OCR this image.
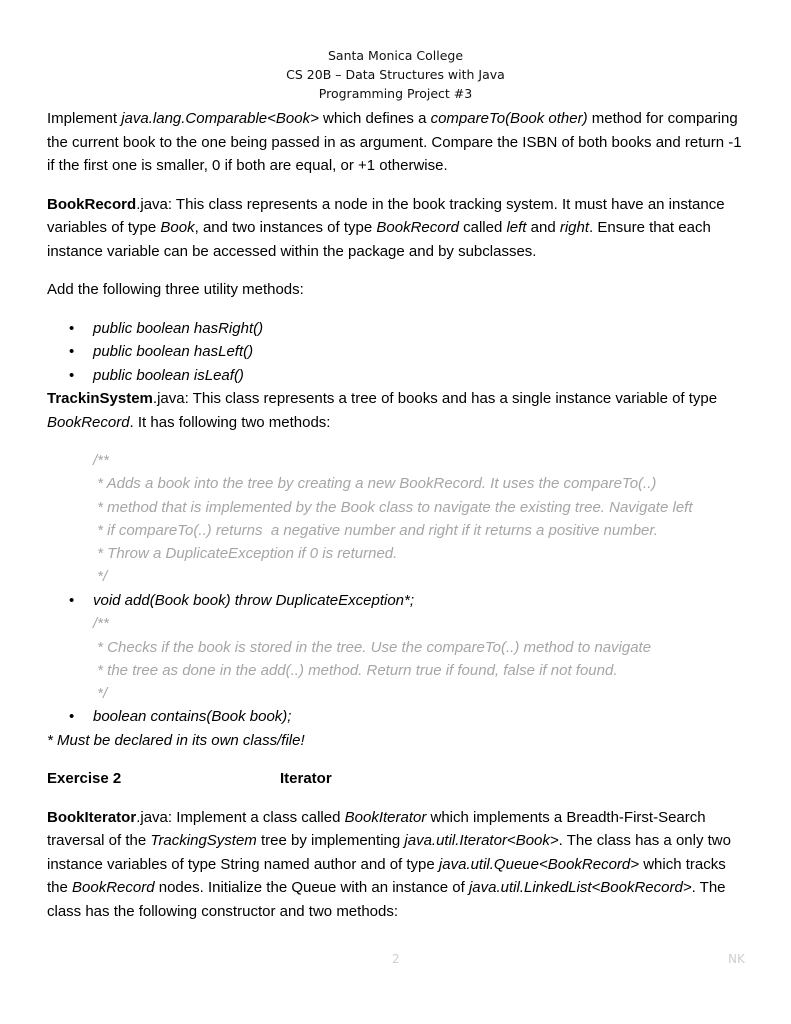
Santa Monica College
CS 20B – Data Structures with Java
Programming Project #3

Implement java.lang.Comparable<Book> which defines a compareTo(Book other) method for comparing the current book to the one being passed in as argument. Compare the ISBN of both books and return -1 if the first one is smaller, 0 if both are equal, or +1 otherwise.

BookRecord.java: This class represents a node in the book tracking system. It must have an instance variables of type Book, and two instances of type BookRecord called left and right. Ensure that each instance variable can be accessed within the package and by subclasses.

Add the following three utility methods:

• public boolean hasRight()
• public boolean hasLeft()
• public boolean isLeaf()

TrackinSystem.java: This class represents a tree of books and has a single instance variable of type BookRecord. It has following two methods:

/**
* Adds a book into the tree by creating a new BookRecord. It uses the compareTo(..)
* method that is implemented by the Book class to navigate the existing tree. Navigate left
* if compareTo(..) returns  a negative number and right if it returns a positive number.
* Throw a DuplicateException if 0 is returned.
*/
• void add(Book book) throw DuplicateException*;
/**
* Checks if the book is stored in the tree. Use the compareTo(..) method to navigate
* the tree as done in the add(..) method. Return true if found, false if not found.
*/
• boolean contains(Book book);

* Must be declared in its own class/file!

Exercise 2	Iterator

BookIterator.java: Implement a class called BookIterator which implements a Breadth-First-Search traversal of the TrackingSystem tree by implementing java.util.Iterator<Book>. The class has a only two instance variables of type String named author and of type java.util.Queue<BookRecord> which tracks the BookRecord nodes. Initialize the Queue with an instance of java.util.LinkedList<BookRecord>. The class has the following constructor and two methods:

2	NK
